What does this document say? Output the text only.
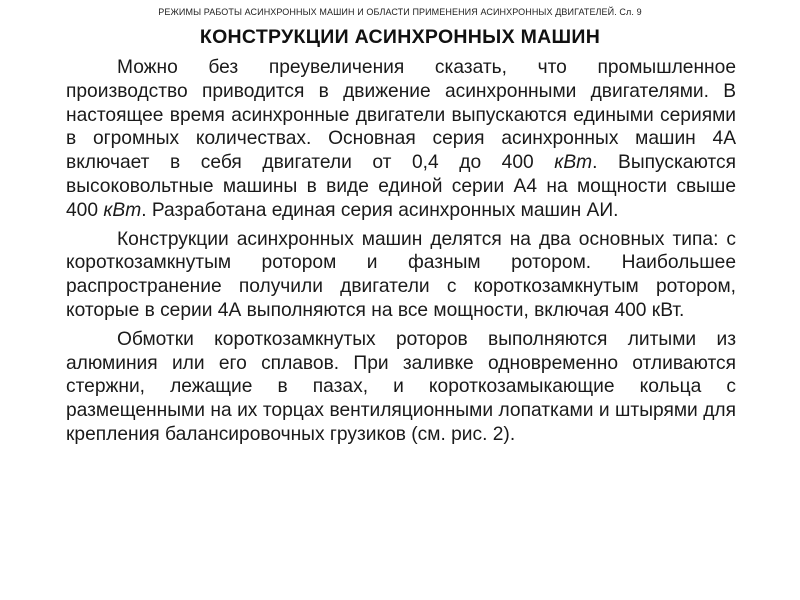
РЕЖИМЫ РАБОТЫ АСИНХРОННЫХ МАШИН И ОБЛАСТИ ПРИМЕНЕНИЯ АСИНХРОННЫХ ДВИГАТЕЛЕЙ. Сл. 9
КОНСТРУКЦИИ АСИНХРОННЫХ МАШИН

Можно без преувеличения сказать, что промышленное производство приводится в движение асинхронными двигателями. В настоящее время асинхронные двигатели выпускаются едиными сериями в огромных количествах. Основная серия асинхронных машин 4А включает в себя двигатели от 0,4 до 400 кВт. Выпускаются высоковольтные машины в виде единой серии А4 на мощности свыше 400 кВт. Разработана единая серия асинхронных машин АИ.

Конструкции асинхронных машин делятся на два основных типа: с короткозамкнутым ротором и фазным ротором. Наибольшее распространение получили двигатели с короткозамкнутым ротором, которые в серии 4А выполняются на все мощности, включая 400 кВт.

Обмотки короткозамкнутых роторов выполняются литыми из алюминия или его сплавов. При заливке одновременно отливаются стержни, лежащие в пазах, и короткозамыкающие кольца с размещенными на их торцах вентиляционными лопатками и штырями для крепления балансировочных грузиков (см. рис. 2).
